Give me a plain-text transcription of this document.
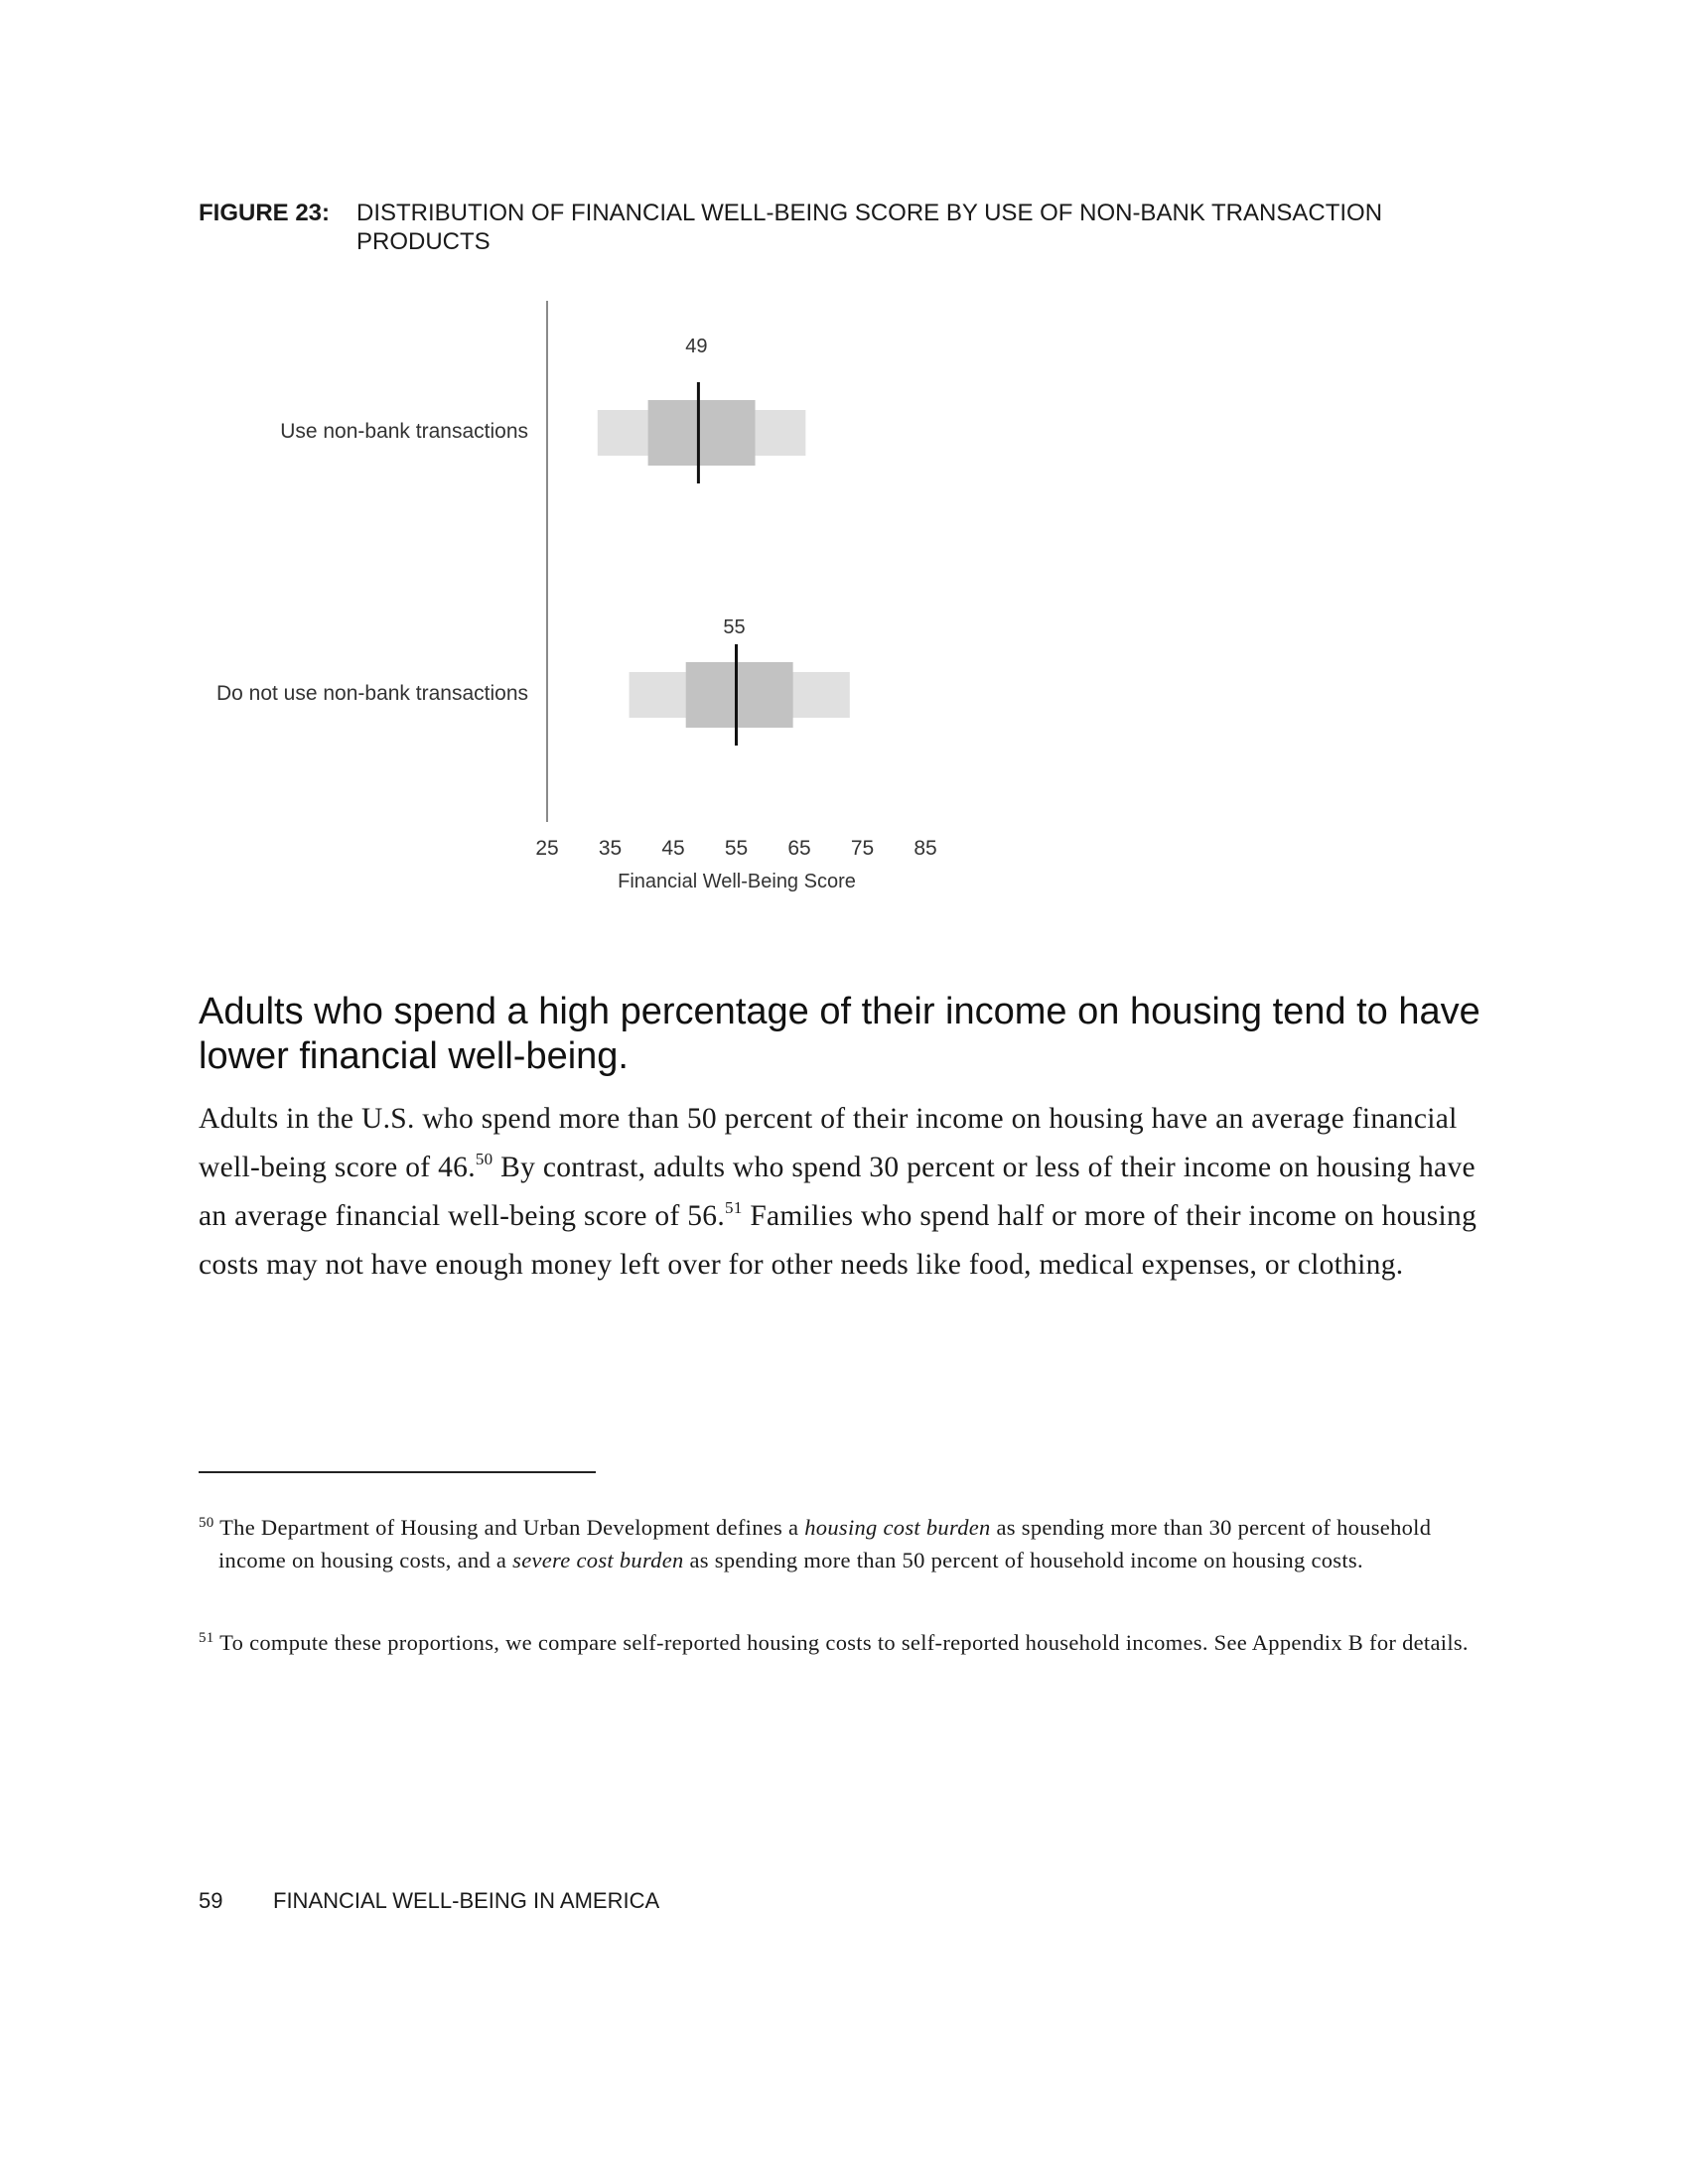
FIGURE 23: DISTRIBUTION OF FINANCIAL WELL-BEING SCORE BY USE OF NON-BANK TRANSACTION PRODUCTS
Use non-bank transactions
Do not use non-bank transactions
49
55
25 35 45 55 65 75 85
Financial Well-Being Score
Adults who spend a high percentage of their income on housing tend to have lower financial well-being.

Adults in the U.S. who spend more than 50 percent of their income on housing have an average financial well-being score of 46.50 By contrast, adults who spend 30 percent or less of their income on housing have an average financial well-being score of 56.51 Families who spend half or more of their income on housing costs may not have enough money left over for other needs like food, medical expenses, or clothing.

$^{50}$ The Department of Housing and Urban Development defines a housing cost burden as spending more than 30 percent of household income on housing costs, and a severe cost burden as spending more than 50 percent of household income on housing costs.

$^{51}$ To compute these proportions, we compare self-reported housing costs to self-reported household incomes. See Appendix B for details.

59 FINANCIAL WELL-BEING IN AMERICA
